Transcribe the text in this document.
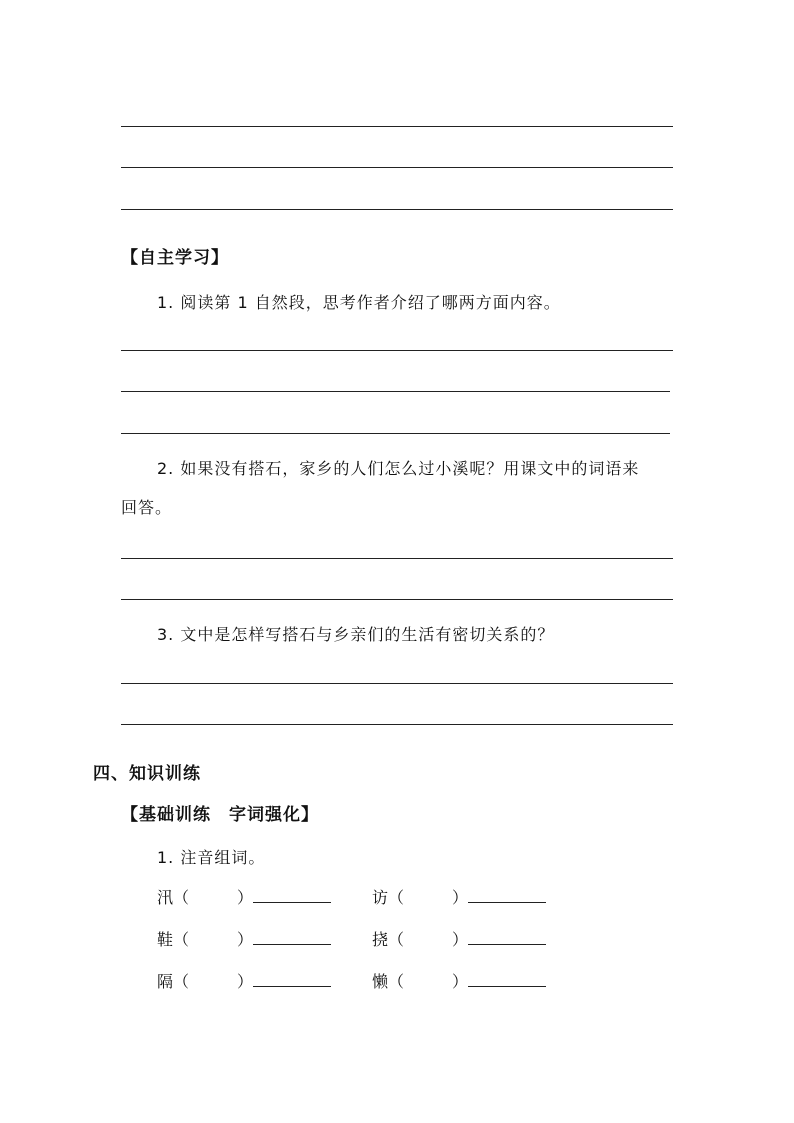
【自主学习】
1. 阅读第 1 自然段，思考作者介绍了哪两方面内容。
2. 如果没有搭石，家乡的人们怎么过小溪呢？用课文中的词语来
回答。
3. 文中是怎样写搭石与乡亲们的生活有密切关系的？
四、知识训练
【基础训练　字词强化】
1. 注音组词。
汛（　　　）	访（　　　）
鞋（　　　）	挠（　　　）
隔（　　　）	懒（　　　）
